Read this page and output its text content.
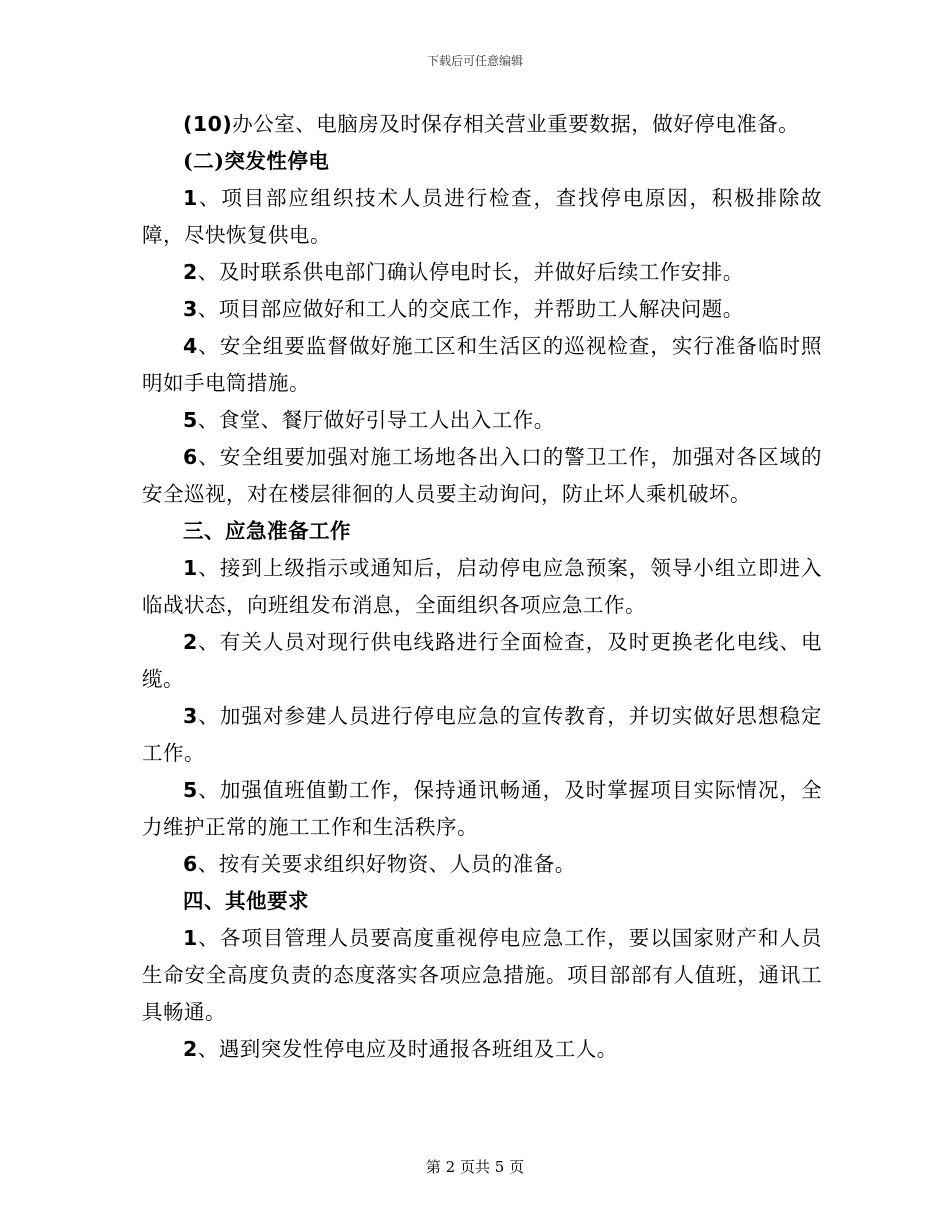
下载后可任意编辑

(10)办公室、电脑房及时保存相关营业重要数据，做好停电准备。

(二)突发性停电

1、项目部应组织技术人员进行检查，查找停电原因，积极排除故障，尽快恢复供电。

2、及时联系供电部门确认停电时长，并做好后续工作安排。

3、项目部应做好和工人的交底工作，并帮助工人解决问题。

4、安全组要监督做好施工区和生活区的巡视检查，实行准备临时照明如手电筒措施。

5、食堂、餐厅做好引导工人出入工作。

6、安全组要加强对施工场地各出入口的警卫工作，加强对各区域的安全巡视，对在楼层徘徊的人员要主动询问，防止坏人乘机破坏。

三、应急准备工作

1、接到上级指示或通知后，启动停电应急预案，领导小组立即进入临战状态，向班组发布消息，全面组织各项应急工作。

2、有关人员对现行供电线路进行全面检查，及时更换老化电线、电缆。

3、加强对参建人员进行停电应急的宣传教育，并切实做好思想稳定工作。

5、加强值班值勤工作，保持通讯畅通，及时掌握项目实际情况，全力维护正常的施工工作和生活秩序。

6、按有关要求组织好物资、人员的准备。

四、其他要求

1、各项目管理人员要高度重视停电应急工作，要以国家财产和人员生命安全高度负责的态度落实各项应急措施。项目部部有人值班，通讯工具畅通。

2、遇到突发性停电应及时通报各班组及工人。

第 2 页共 5 页
